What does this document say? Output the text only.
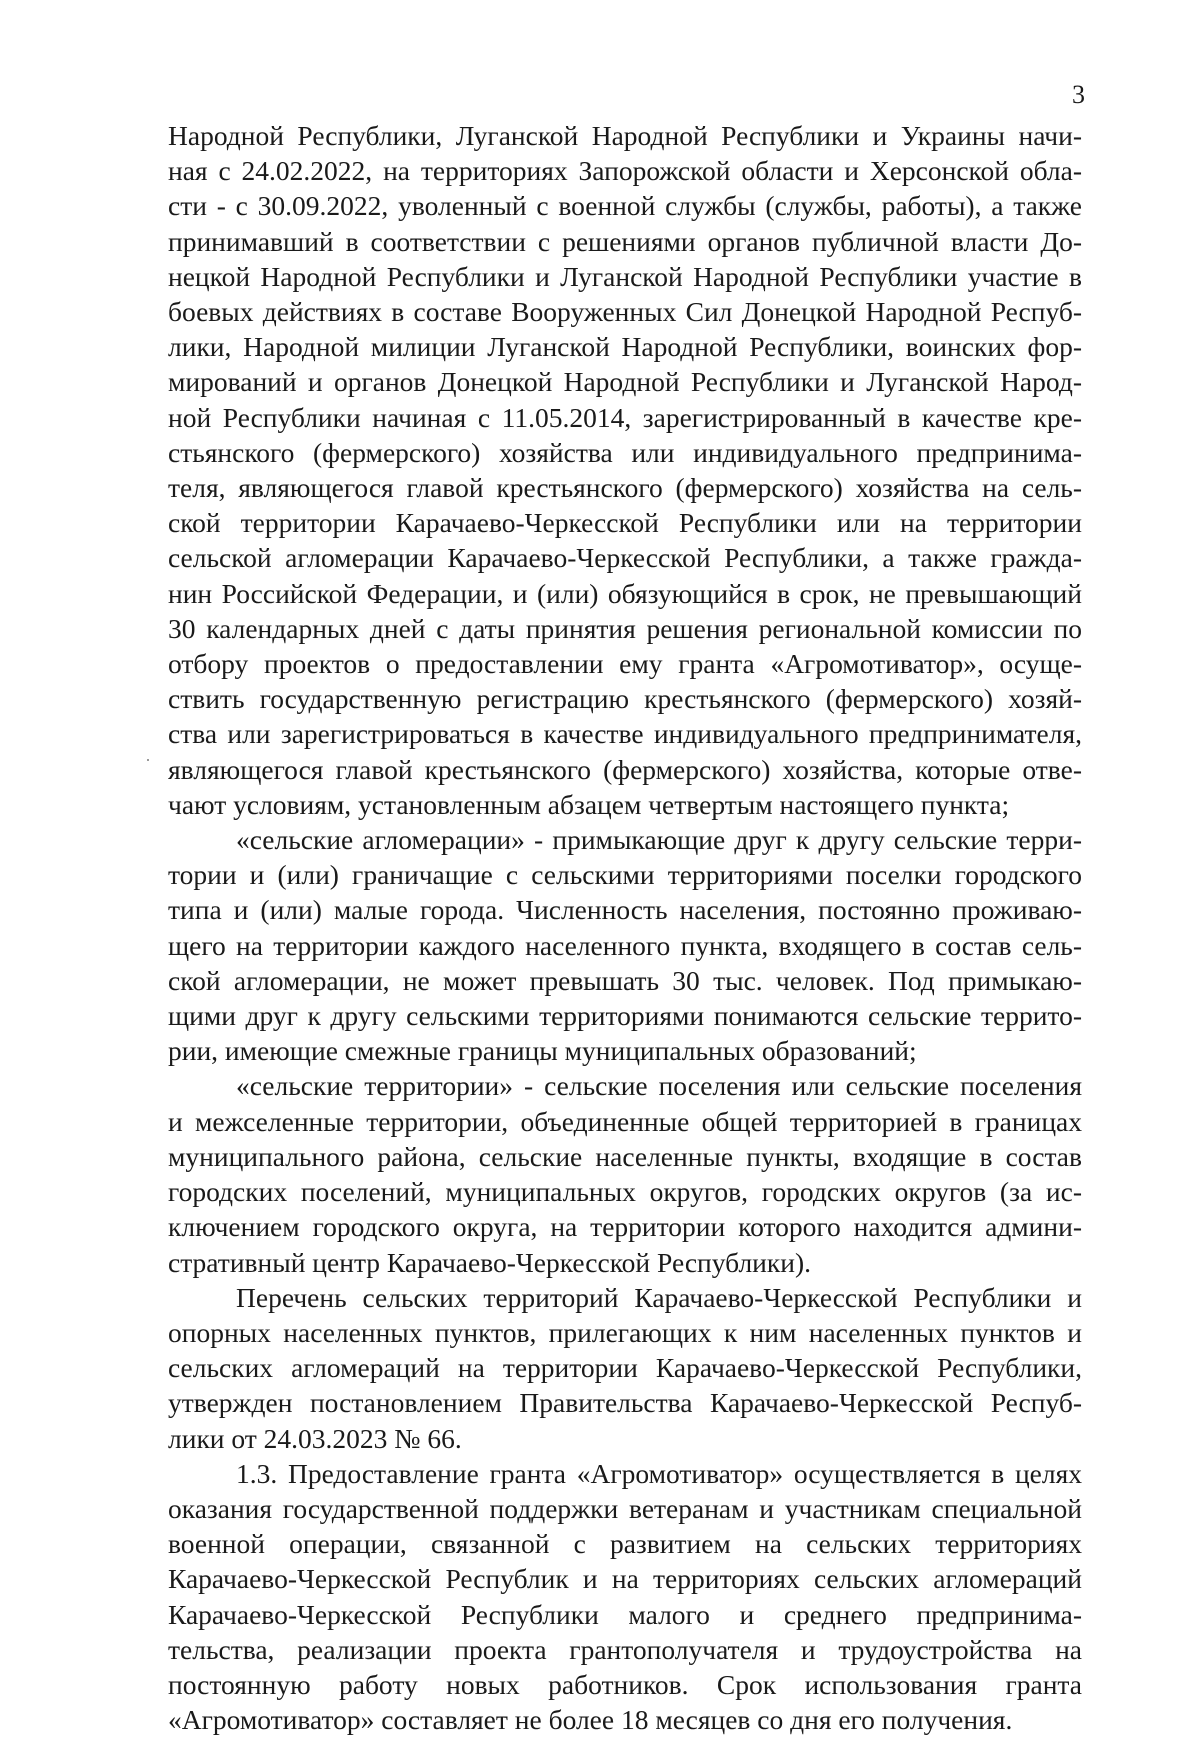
3
Народной Республики, Луганской Народной Республики и Украины начи-
ная с 24.02.2022, на территориях Запорожской области и Херсонской обла-
сти - с 30.09.2022, уволенный с военной службы (службы, работы), а также
принимавший в соответствии с решениями органов публичной власти До-
нецкой Народной Республики и Луганской Народной Республики участие в
боевых действиях в составе Вооруженных Сил Донецкой Народной Респуб-
лики, Народной милиции Луганской Народной Республики, воинских фор-
мирований и органов Донецкой Народной Республики и Луганской Народ-
ной Республики начиная с 11.05.2014, зарегистрированный в качестве кре-
стьянского (фермерского) хозяйства или индивидуального предпринима-
теля, являющегося главой крестьянского (фермерского) хозяйства на сель-
ской территории Карачаево-Черкесской Республики или на территории
сельской агломерации Карачаево-Черкесской Республики, а также гражда-
нин Российской Федерации, и (или) обязующийся в срок, не превышающий
30 календарных дней с даты принятия решения региональной комиссии по
отбору проектов о предоставлении ему гранта «Агромотиватор», осуще-
ствить государственную регистрацию крестьянского (фермерского) хозяй-
ства или зарегистрироваться в качестве индивидуального предпринимателя,
являющегося главой крестьянского (фермерского) хозяйства, которые отве-
чают условиям, установленным абзацем четвертым настоящего пункта;
«сельские агломерации» - примыкающие друг к другу сельские терри-
тории и (или) граничащие с сельскими территориями поселки городского
типа и (или) малые города. Численность населения, постоянно проживаю-
щего на территории каждого населенного пункта, входящего в состав сель-
ской агломерации, не может превышать 30 тыс. человек. Под примыкаю-
щими друг к другу сельскими территориями понимаются сельские террито-
рии, имеющие смежные границы муниципальных образований;
«сельские территории» - сельские поселения или сельские поселения
и межселенные территории, объединенные общей территорией в границах
муниципального района, сельские населенные пункты, входящие в состав
городских поселений, муниципальных округов, городских округов (за ис-
ключением городского округа, на территории которого находится админи-
стративный центр Карачаево-Черкесской Республики).
Перечень сельских территорий Карачаево-Черкесской Республики и
опорных населенных пунктов, прилегающих к ним населенных пунктов и
сельских агломераций на территории Карачаево-Черкесской Республики,
утвержден постановлением Правительства Карачаево-Черкесской Респуб-
лики от 24.03.2023 № 66.
1.3. Предоставление гранта «Агромотиватор» осуществляется в целях
оказания государственной поддержки ветеранам и участникам специальной
военной операции, связанной с развитием на сельских территориях
Карачаево-Черкесской Республик и на территориях сельских агломераций
Карачаево-Черкесской Республики малого и среднего предпринима-
тельства, реализации проекта грантополучателя и трудоустройства на
постоянную работу новых работников. Срок использования гранта
«Агромотиватор» составляет не более 18 месяцев со дня его получения.
